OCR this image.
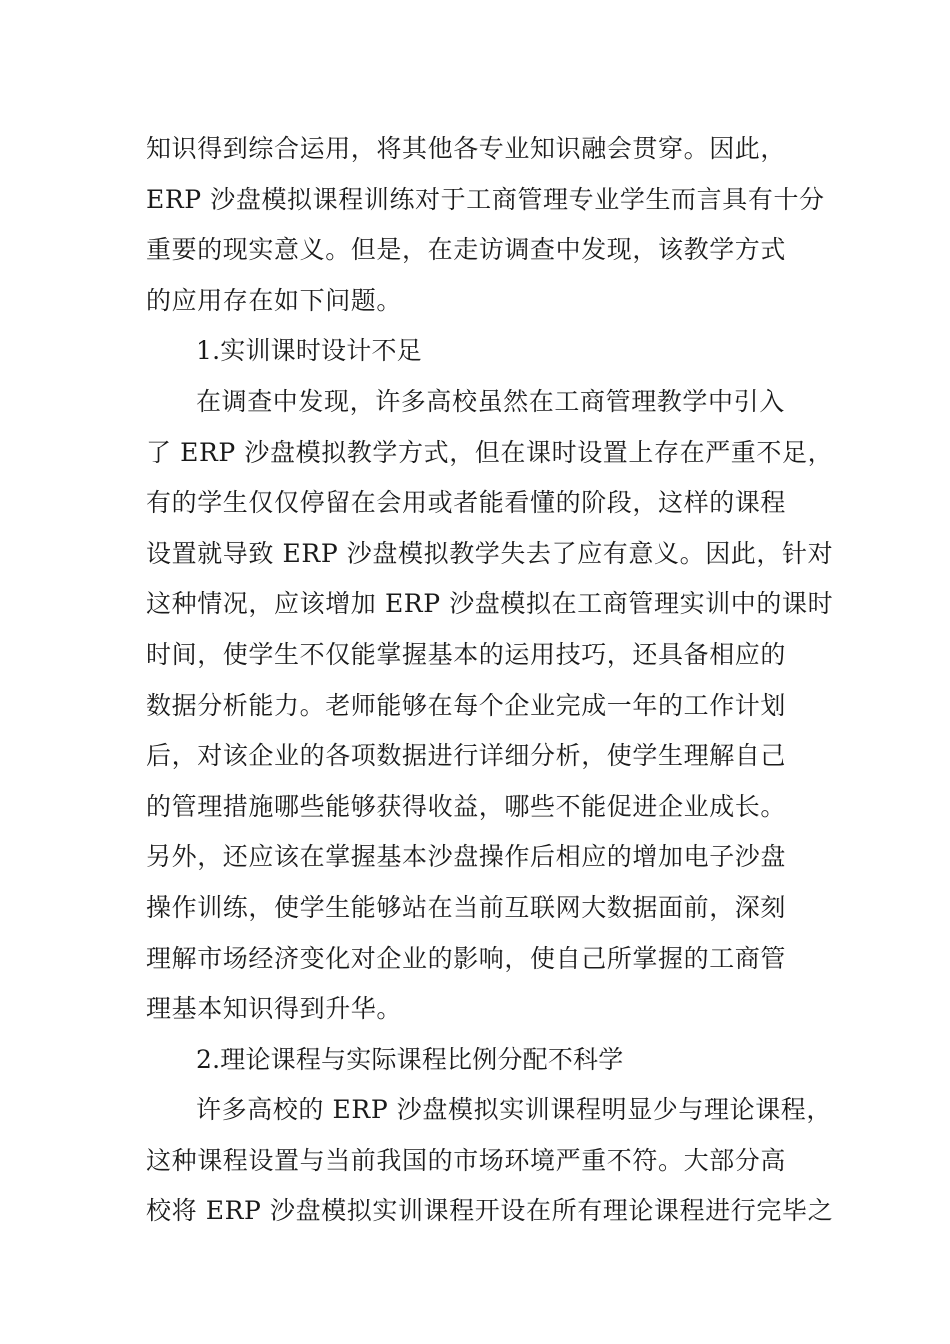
知识得到综合运用，将其他各专业知识融会贯穿。因此，
ERP 沙盘模拟课程训练对于工商管理专业学生而言具有十分
重要的现实意义。但是，在走访调查中发现，该教学方式
的应用存在如下问题。
1.实训课时设计不足
在调查中发现，许多高校虽然在工商管理教学中引入
了 ERP 沙盘模拟教学方式，但在课时设置上存在严重不足，
有的学生仅仅停留在会用或者能看懂的阶段，这样的课程
设置就导致 ERP 沙盘模拟教学失去了应有意义。因此，针对
这种情况，应该增加 ERP 沙盘模拟在工商管理实训中的课时
时间，使学生不仅能掌握基本的运用技巧，还具备相应的
数据分析能力。老师能够在每个企业完成一年的工作计划
后，对该企业的各项数据进行详细分析，使学生理解自己
的管理措施哪些能够获得收益，哪些不能促进企业成长。
另外，还应该在掌握基本沙盘操作后相应的增加电子沙盘
操作训练，使学生能够站在当前互联网大数据面前，深刻
理解市场经济变化对企业的影响，使自己所掌握的工商管
理基本知识得到升华。
2.理论课程与实际课程比例分配不科学
许多高校的 ERP 沙盘模拟实训课程明显少与理论课程，
这种课程设置与当前我国的市场环境严重不符。大部分高
校将 ERP 沙盘模拟实训课程开设在所有理论课程进行完毕之
